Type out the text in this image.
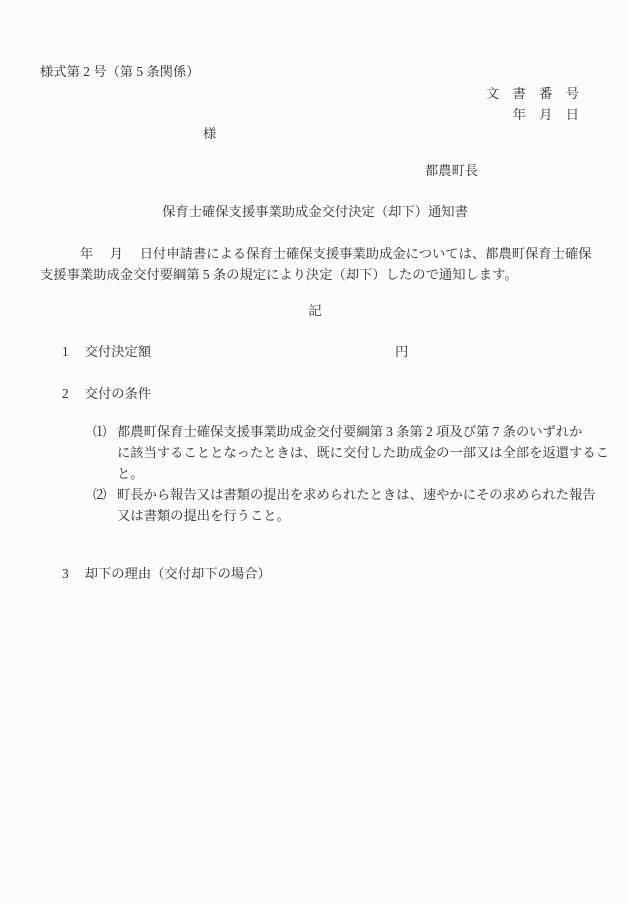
様式第 2 号（第 5 条関係）
文　書　番　号
年　月　日
様
都農町長
保育士確保支援事業助成金交付決定（却下）通知書
　　　年　 月　 日付申請書による保育士確保支援事業助成金については、都農町保育士確保
支援事業助成金交付要綱第 5 条の規定により決定（却下）したので通知します。
記
1 交付決定額	円
2 交付の条件
⑴ 都農町保育士確保支援事業助成金交付要綱第 3 条第 2 項及び第 7 条のいずれか
に該当することとなったときは、既に交付した助成金の一部又は全部を返還するこ
と。
⑵ 町長から報告又は書類の提出を求められたときは、速やかにその求められた報告
又は書類の提出を行うこと。
3 却下の理由（交付却下の場合）
